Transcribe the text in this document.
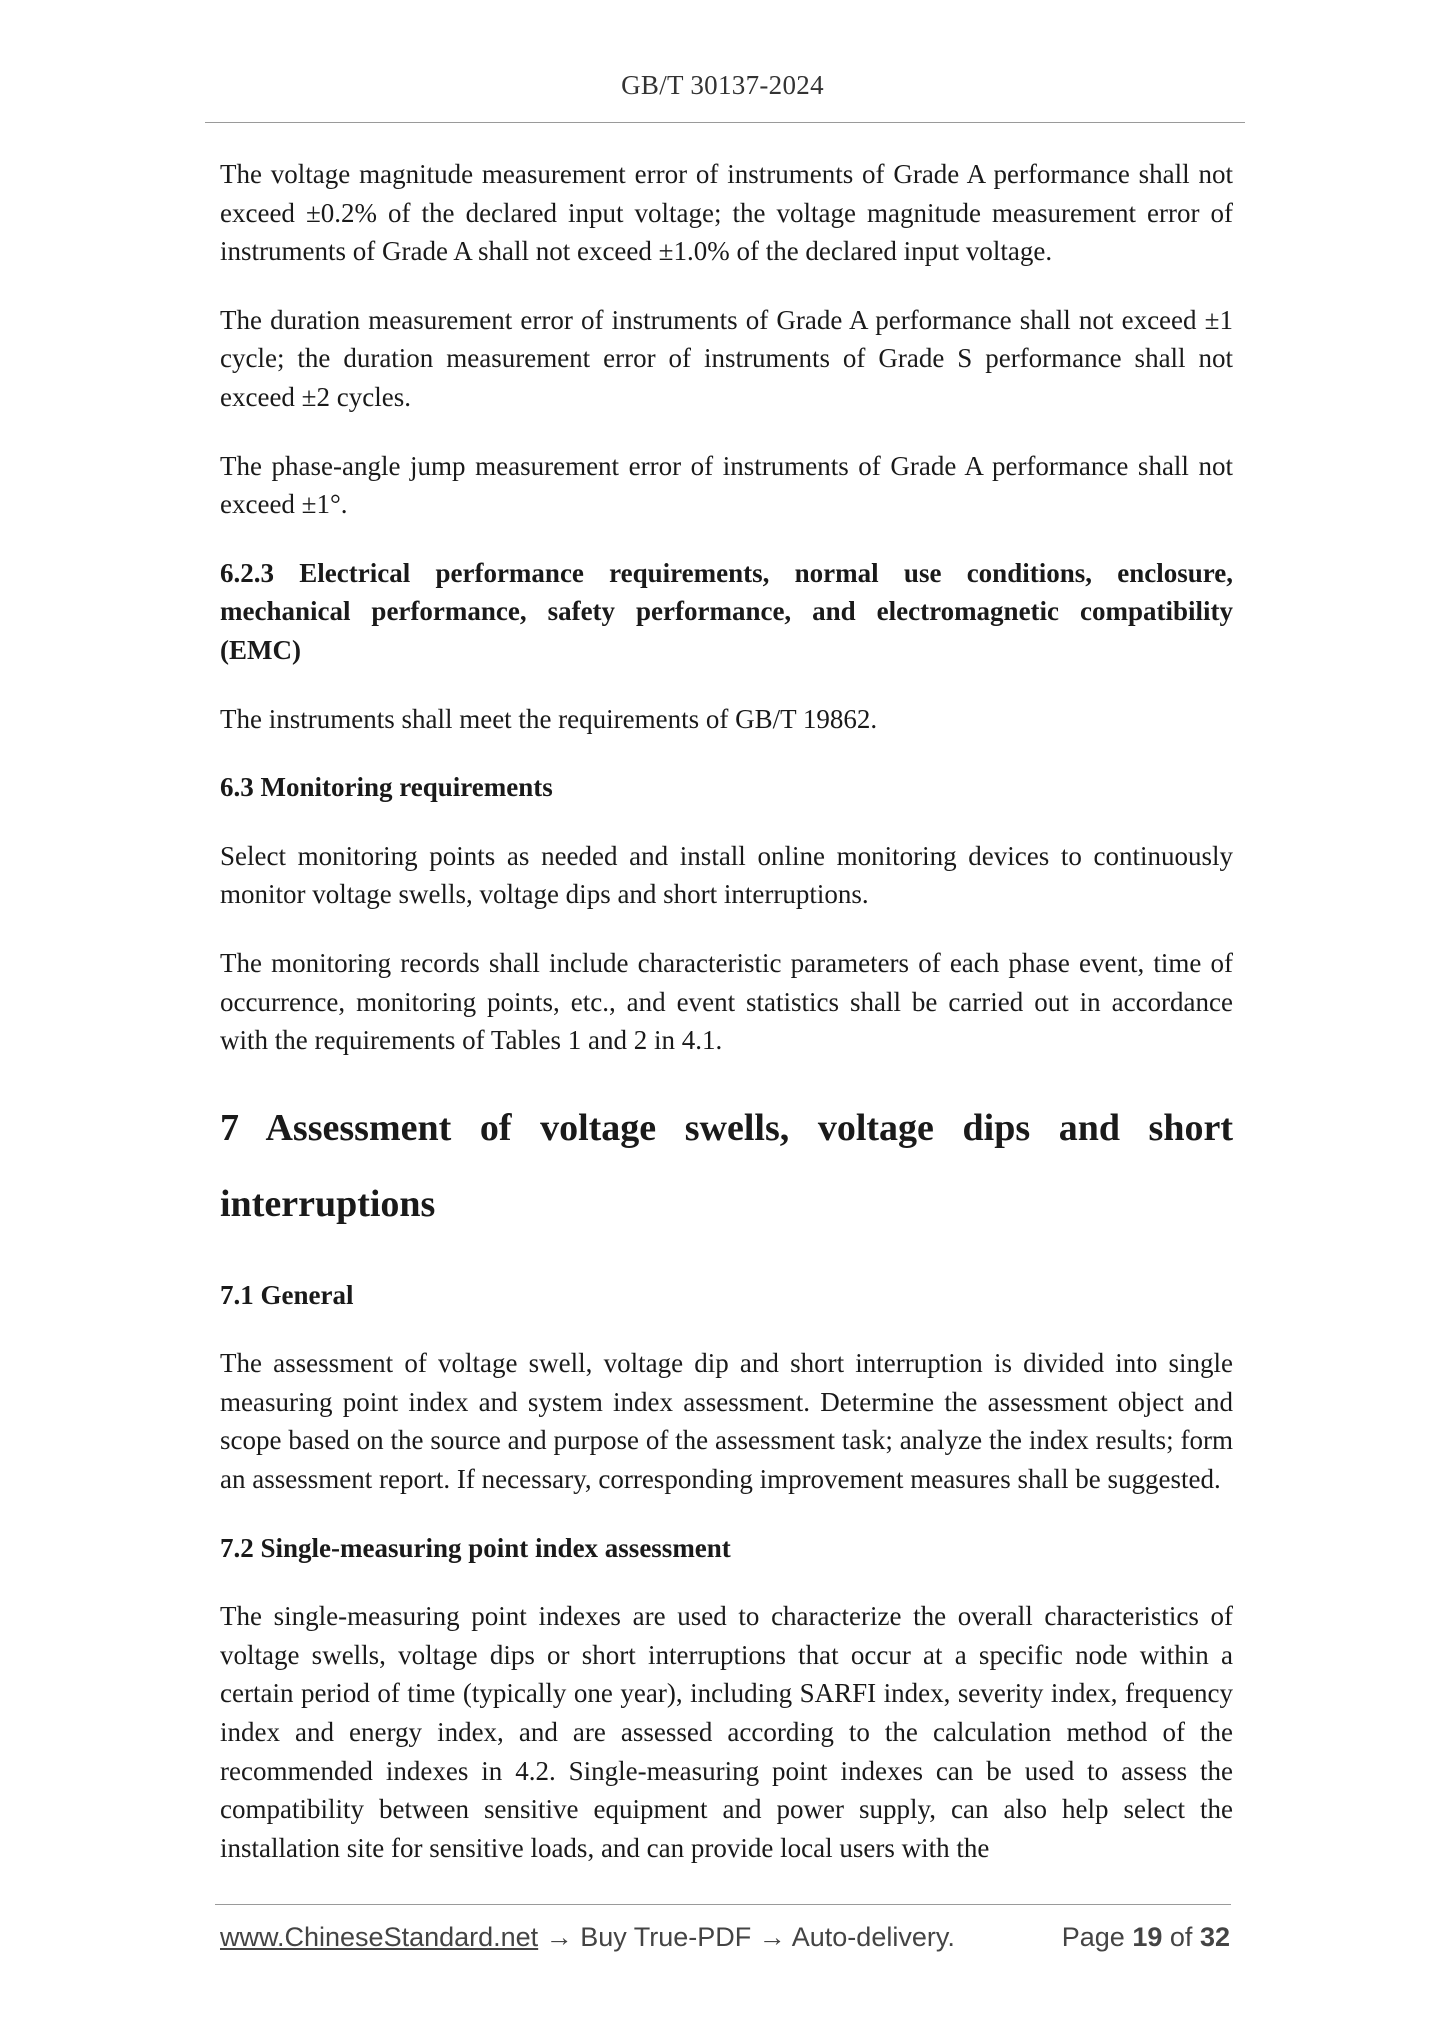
GB/T 30137-2024

The voltage magnitude measurement error of instruments of Grade A performance shall not exceed ±0.2% of the declared input voltage; the voltage magnitude measurement error of instruments of Grade A shall not exceed ±1.0% of the declared input voltage.

The duration measurement error of instruments of Grade A performance shall not exceed ±1 cycle; the duration measurement error of instruments of Grade S performance shall not exceed ±2 cycles.

The phase-angle jump measurement error of instruments of Grade A performance shall not exceed ±1°.

6.2.3 Electrical performance requirements, normal use conditions, enclosure, mechanical performance, safety performance, and electromagnetic compatibility (EMC)

The instruments shall meet the requirements of GB/T 19862.

6.3 Monitoring requirements

Select monitoring points as needed and install online monitoring devices to continuously monitor voltage swells, voltage dips and short interruptions.

The monitoring records shall include characteristic parameters of each phase event, time of occurrence, monitoring points, etc., and event statistics shall be carried out in accordance with the requirements of Tables 1 and 2 in 4.1.

7 Assessment of voltage swells, voltage dips and short interruptions
7.1 General

The assessment of voltage swell, voltage dip and short interruption is divided into single measuring point index and system index assessment. Determine the assessment object and scope based on the source and purpose of the assessment task; analyze the index results; form an assessment report. If necessary, corresponding improvement measures shall be suggested.

7.2 Single-measuring point index assessment

The single-measuring point indexes are used to characterize the overall characteristics of voltage swells, voltage dips or short interruptions that occur at a specific node within a certain period of time (typically one year), including SARFI index, severity index, frequency index and energy index, and are assessed according to the calculation method of the recommended indexes in 4.2. Single-measuring point indexes can be used to assess the compatibility between sensitive equipment and power supply, can also help select the installation site for sensitive loads, and can provide local users with the

www.ChineseStandard.net → Buy True-PDF → Auto-delivery.	Page 19 of 32
